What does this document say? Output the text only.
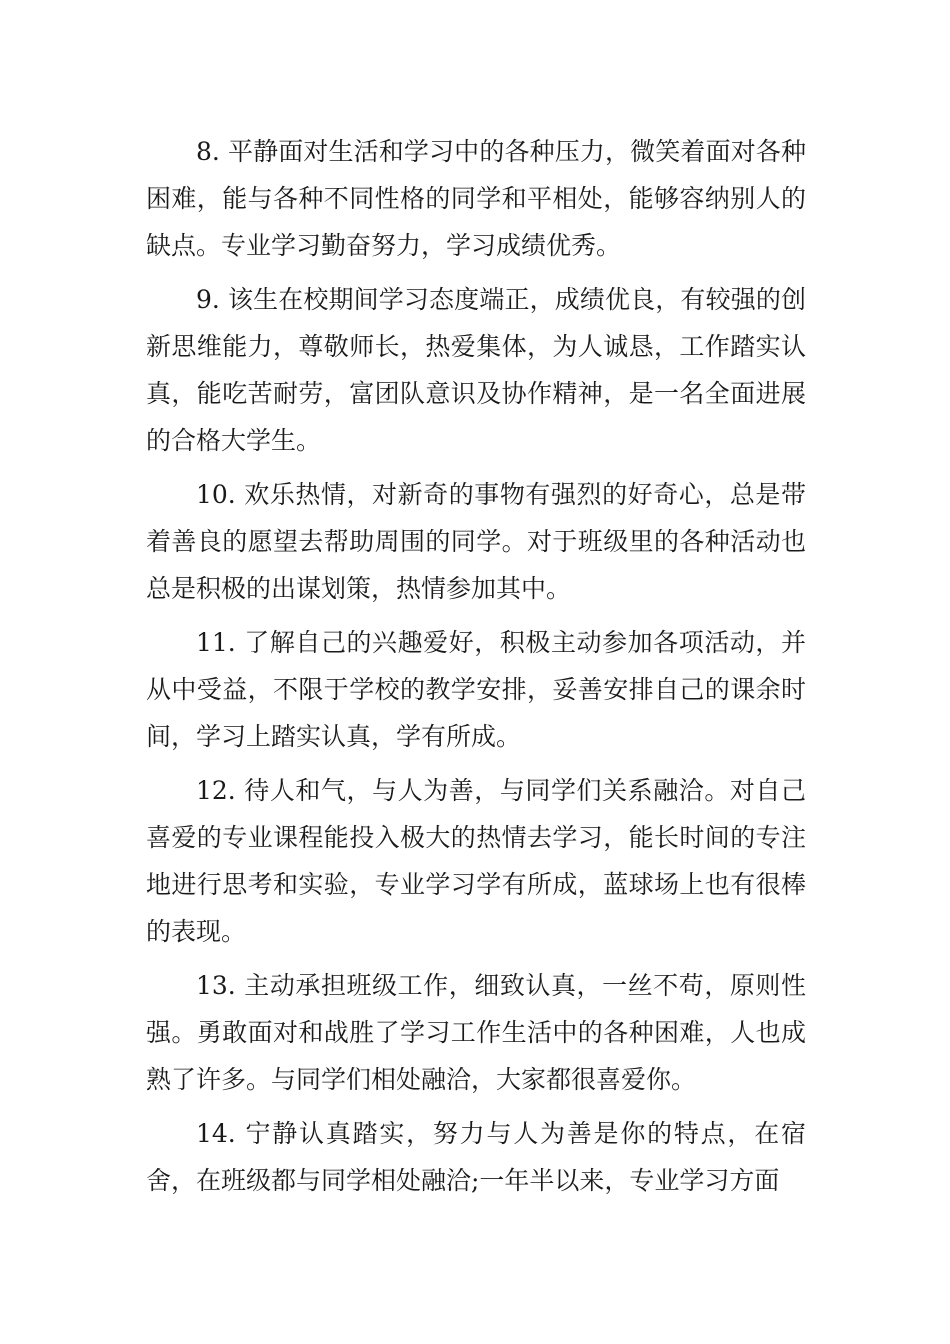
8. 平静面对生活和学习中的各种压力，微笑着面对各种困难，能与各种不同性格的同学和平相处，能够容纳别人的缺点。专业学习勤奋努力，学习成绩优秀。

9. 该生在校期间学习态度端正，成绩优良，有较强的创新思维能力，尊敬师长，热爱集体，为人诚恳，工作踏实认真，能吃苦耐劳，富团队意识及协作精神，是一名全面进展的合格大学生。

10. 欢乐热情，对新奇的事物有强烈的好奇心，总是带着善良的愿望去帮助周围的同学。对于班级里的各种活动也总是积极的出谋划策，热情参加其中。

11. 了解自己的兴趣爱好，积极主动参加各项活动，并从中受益，不限于学校的教学安排，妥善安排自己的课余时间，学习上踏实认真，学有所成。

12. 待人和气，与人为善，与同学们关系融洽。对自己喜爱的专业课程能投入极大的热情去学习，能长时间的专注地进行思考和实验，专业学习学有所成，蓝球场上也有很棒的表现。

13. 主动承担班级工作，细致认真，一丝不苟，原则性强。勇敢面对和战胜了学习工作生活中的各种困难，人也成熟了许多。与同学们相处融洽，大家都很喜爱你。

14. 宁静认真踏实，努力与人为善是你的特点，在宿舍，在班级都与同学相处融洽;一年半以来，专业学习方面
